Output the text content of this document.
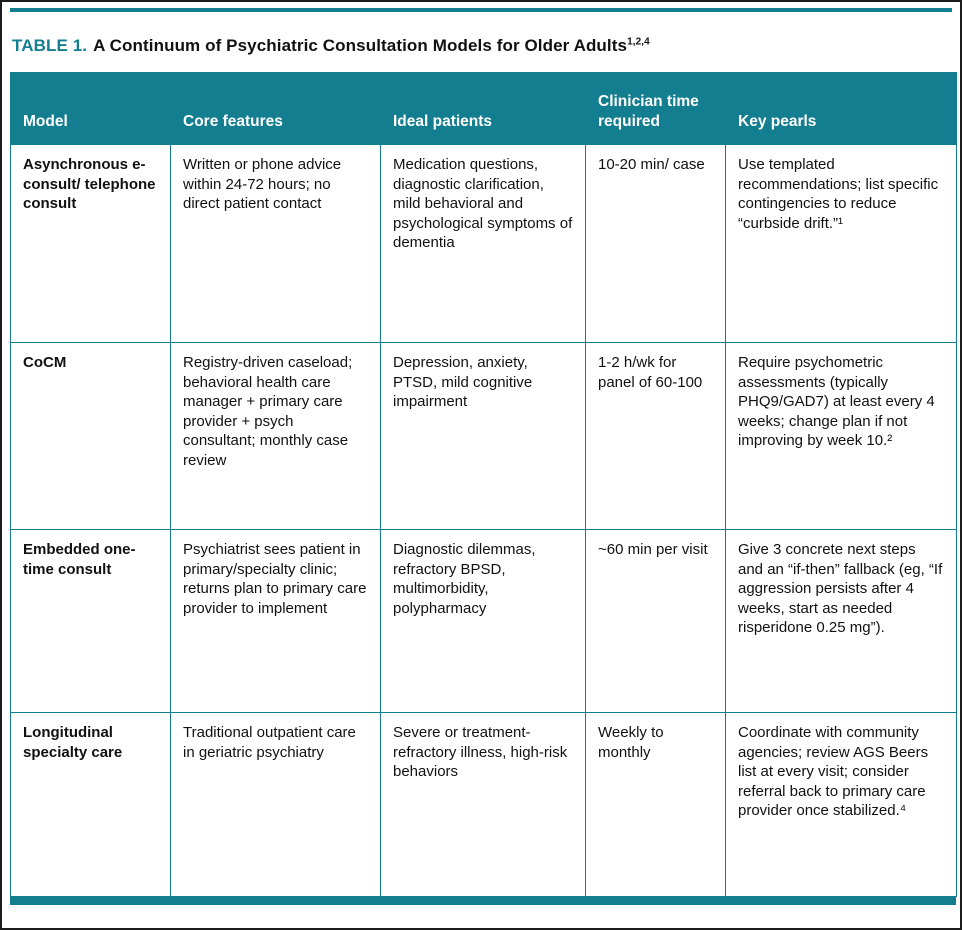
TABLE 1. A Continuum of Psychiatric Consultation Models for Older Adults$^{1,2,4}$
Model	Core features	Ideal patients	Clinician time required	Key pearls
Asynchronous e-consult/ telephone consult	Written or phone advice within 24-72 hours; no direct patient contact	Medication questions, diagnostic clarification, mild behavioral and psychological symptoms of dementia	10-20 min/ case	Use templated recommendations; list specific contingencies to reduce “curbside drift.”¹
CoCM	Registry-driven caseload; behavioral health care manager + primary care provider + psych consultant; monthly case review	Depression, anxiety, PTSD, mild cognitive impairment	1-2 h/wk for panel of 60-100	Require psychometric assessments (typically PHQ9/GAD7) at least every 4 weeks; change plan if not improving by week 10.²
Embedded one-time consult	Psychiatrist sees patient in primary/specialty clinic; returns plan to primary care provider to implement	Diagnostic dilemmas, refractory BPSD, multimorbidity, polypharmacy	~60 min per visit	Give 3 concrete next steps and an “if-then” fallback (eg, “If aggression persists after 4 weeks, start as needed risperidone 0.25 mg”).
Longitudinal specialty care	Traditional outpatient care in geriatric psychiatry	Severe or treatment-refractory illness, high-risk behaviors	Weekly to monthly	Coordinate with community agencies; review AGS Beers list at every visit; consider referral back to primary care provider once stabilized.⁴
